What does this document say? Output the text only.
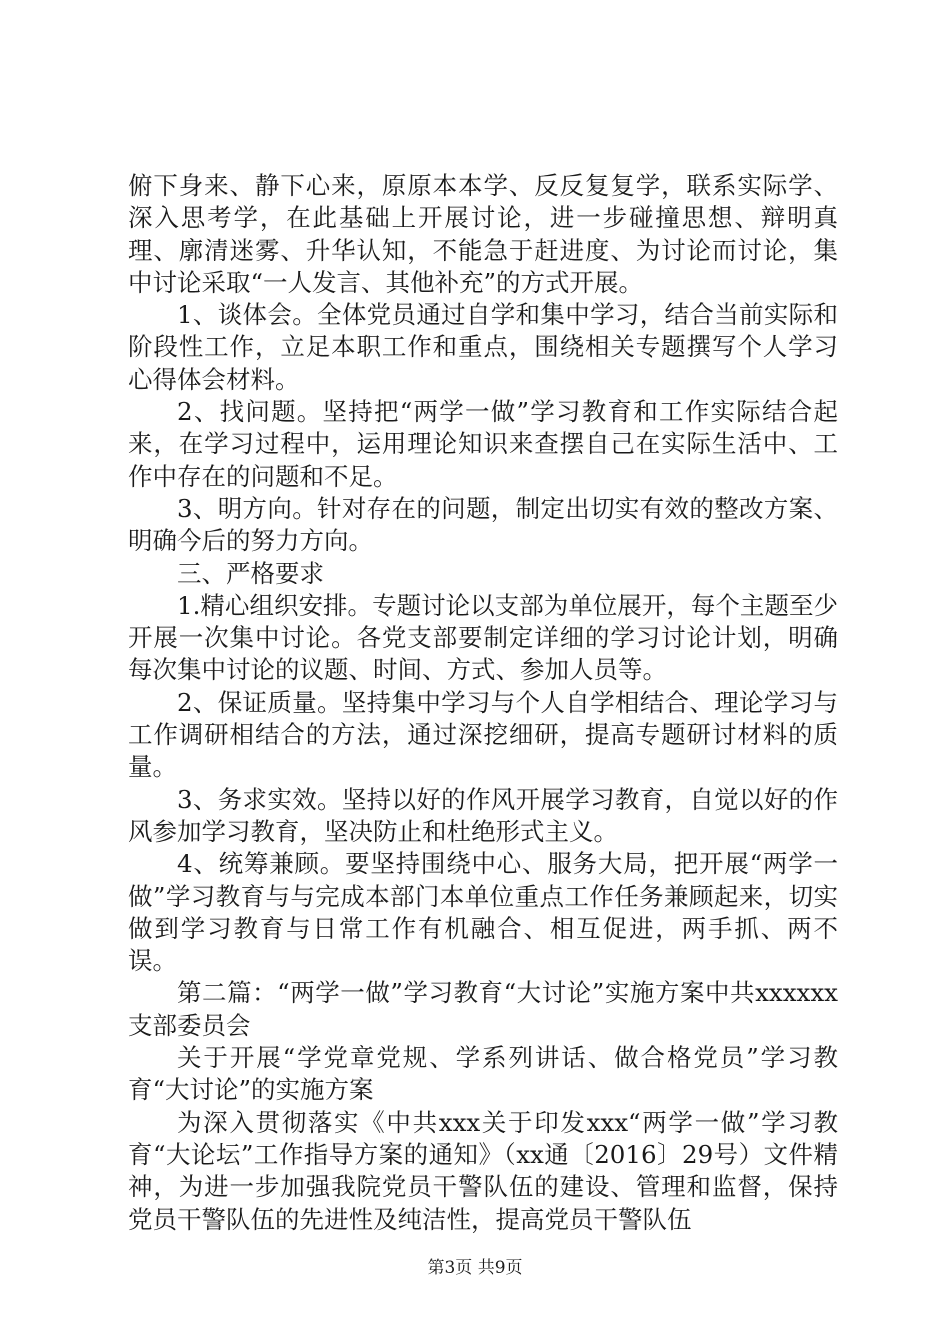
俯下身来、静下心来，原原本本学、反反复复学，联系实际学、深入思考学，在此基础上开展讨论，进一步碰撞思想、辩明真理、廓清迷雾、升华认知，不能急于赶进度、为讨论而讨论，集中讨论采取“一人发言、其他补充”的方式开展。

1、谈体会。全体党员通过自学和集中学习，结合当前实际和阶段性工作，立足本职工作和重点，围绕相关专题撰写个人学习心得体会材料。

2、找问题。坚持把“两学一做”学习教育和工作实际结合起来，在学习过程中，运用理论知识来查摆自己在实际生活中、工作中存在的问题和不足。

3、明方向。针对存在的问题，制定出切实有效的整改方案、明确今后的努力方向。

三、严格要求

1.精心组织安排。专题讨论以支部为单位展开，每个主题至少开展一次集中讨论。各党支部要制定详细的学习讨论计划，明确每次集中讨论的议题、时间、方式、参加人员等。

2、保证质量。坚持集中学习与个人自学相结合、理论学习与工作调研相结合的方法，通过深挖细研，提高专题研讨材料的质量。

3、务求实效。坚持以好的作风开展学习教育，自觉以好的作风参加学习教育，坚决防止和杜绝形式主义。

4、统筹兼顾。要坚持围绕中心、服务大局，把开展“两学一做”学习教育与与完成本部门本单位重点工作任务兼顾起来，切实做到学习教育与日常工作有机融合、相互促进，两手抓、两不误。

第二篇：“两学一做”学习教育“大讨论”实施方案中共xxxxxx支部委员会

关于开展“学党章党规、学系列讲话、做合格党员”学习教育“大讨论”的实施方案

为深入贯彻落实《中共xxx关于印发xxx“两学一做”学习教育“大论坛”工作指导方案的通知》（xx通〔2016〕29号）文件精神，为进一步加强我院党员干警队伍的建设、管理和监督，保持党员干警队伍的先进性及纯洁性，提高党员干警队伍

第3页 共9页
